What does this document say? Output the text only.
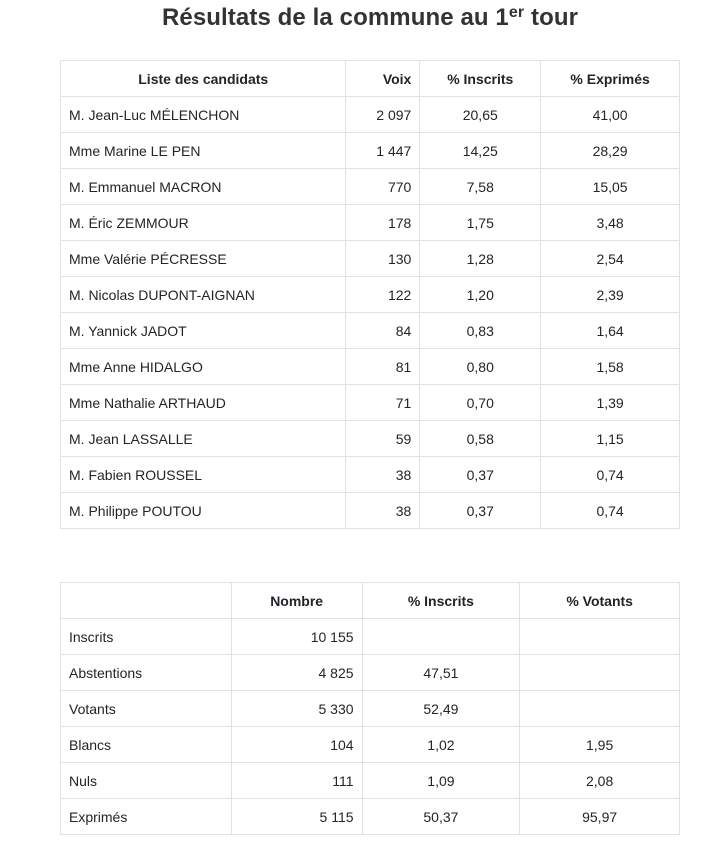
Résultats de la commune au 1er tour
Liste des candidats	Voix	% Inscrits	% Exprimés
M. Jean-Luc MÉLENCHON	2 097	20,65	41,00
Mme Marine LE PEN	1 447	14,25	28,29
M. Emmanuel MACRON	770	7,58	15,05
M. Éric ZEMMOUR	178	1,75	3,48
Mme Valérie PÉCRESSE	130	1,28	2,54
M. Nicolas DUPONT-AIGNAN	122	1,20	2,39
M. Yannick JADOT	84	0,83	1,64
Mme Anne HIDALGO	81	0,80	1,58
Mme Nathalie ARTHAUD	71	0,70	1,39
M. Jean LASSALLE	59	0,58	1,15
M. Fabien ROUSSEL	38	0,37	0,74
M. Philippe POUTOU	38	0,37	0,74
	Nombre	% Inscrits	% Votants
Inscrits	10 155		
Abstentions	4 825	47,51	
Votants	5 330	52,49	
Blancs	104	1,02	1,95
Nuls	111	1,09	2,08
Exprimés	5 115	50,37	95,97
